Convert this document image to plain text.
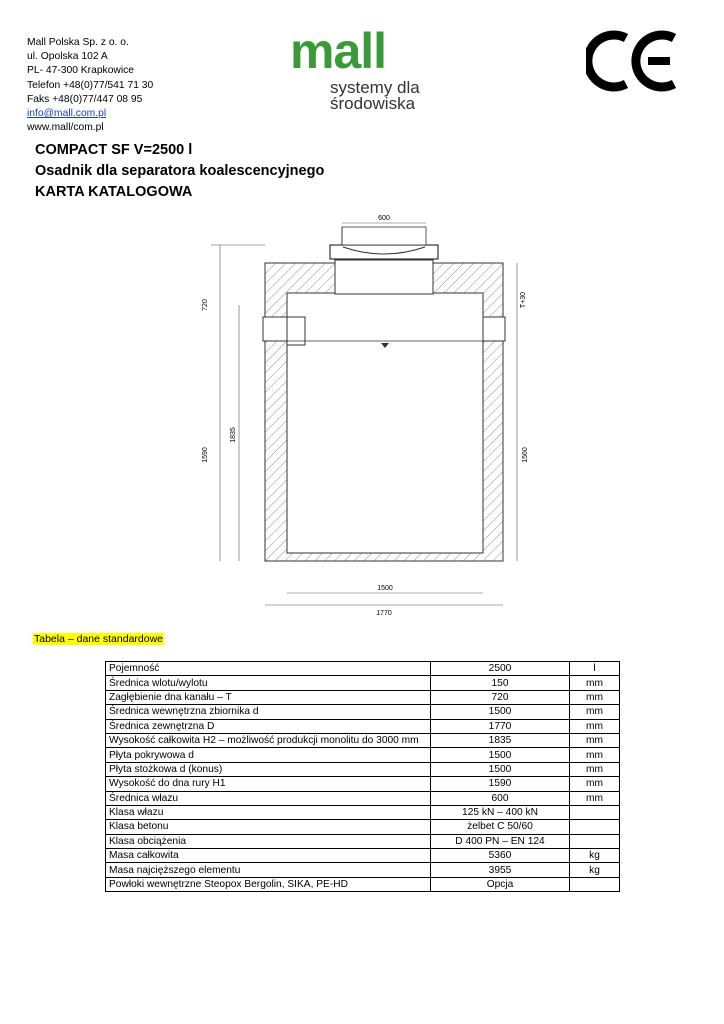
Mall Polska Sp. z o. o.
ul. Opolska 102 A
PL- 47-300 Krapkowice
Telefon +48(0)77/541 71 30
Faks +48(0)77/447 08 95
info@mall.com.pl
www.mall/com.pl
mall
systemy dla
środowiska
COMPACT SF V=2500 l
Osadnik dla separatora koalescencyjnego
KARTA KATALOGOWA
600
720	T+30
1835
1590	1560
1500
1770
Tabela – dane standardowe
Pojemność	2500	l
Średnica wlotu/wylotu	150	mm
Zagłębienie dna kanału – T	720	mm
Średnica wewnętrzna zbiornika d	1500	mm
Średnica zewnętrzna D	1770	mm
Wysokość całkowita H2 – możliwość produkcji monolitu do 3000 mm	1835	mm
Płyta pokrywowa d	1500	mm
Płyta stożkowa d (konus)	1500	mm
Wysokość do dna rury H1	1590	mm
Średnica włazu	600	mm
Klasa włazu	125 kN – 400 kN	
Klasa betonu	żelbet C 50/60	
Klasa obciążenia	D 400 PN – EN 124	
Masa całkowita	5360	kg
Masa najcięższego elementu	3955	kg
Powłoki wewnętrzne Steopox Bergolin, SIKA, PE-HD	Opcja	
